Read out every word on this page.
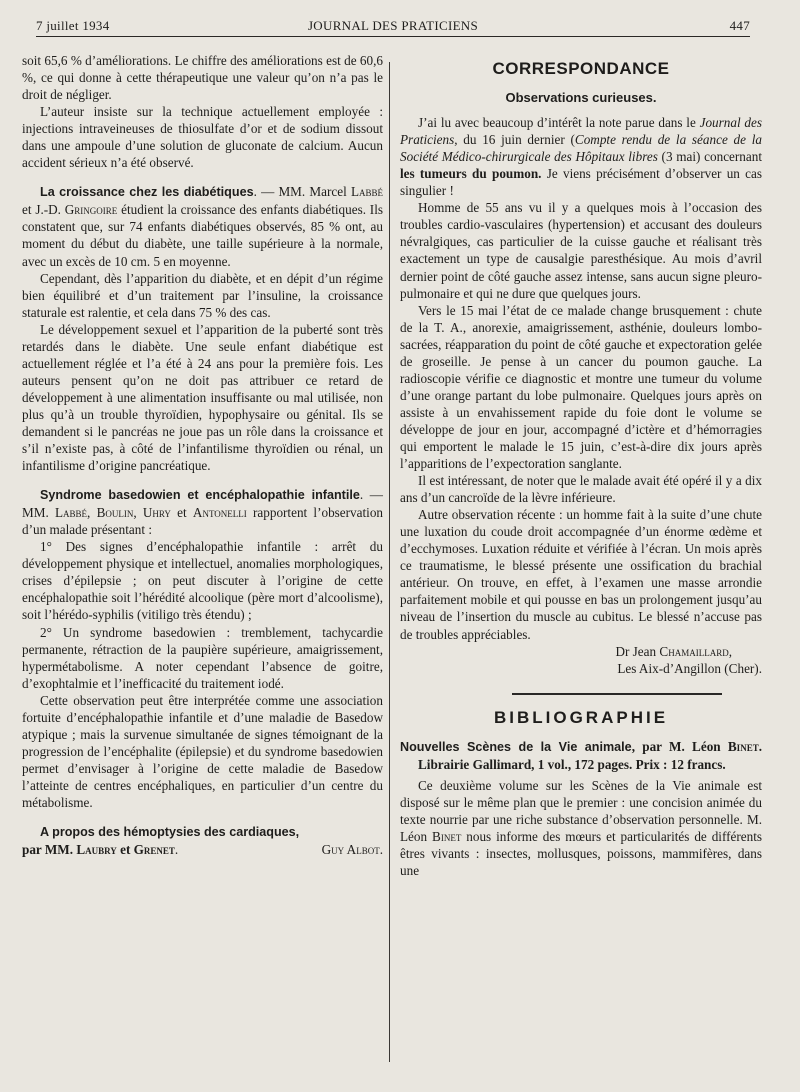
7 juillet 1934	JOURNAL DES PRATICIENS	447

soit 65,6 % d’améliorations. Le chiffre des améliorations est de 60,6 %, ce qui donne à cette thérapeutique une valeur qu’on n’a pas le droit de négliger.

L’auteur insiste sur la technique actuellement employée : injections intraveineuses de thiosulfate d’or et de sodium dissout dans une ampoule d’une solution de gluconate de calcium. Aucun accident sérieux n’a été observé.

La croissance chez les diabétiques. — MM. Marcel Labbé et J.-D. Gringoire étudient la croissance des enfants diabétiques. Ils constatent que, sur 74 enfants diabétiques observés, 85 % ont, au moment du début du diabète, une taille supérieure à la normale, avec un excès de 10 cm. 5 en moyenne.

Cependant, dès l’apparition du diabète, et en dépit d’un régime bien équilibré et d’un traitement par l’insuline, la croissance staturale est ralentie, et cela dans 75 % des cas.

Le développement sexuel et l’apparition de la puberté sont très retardés dans le diabète. Une seule enfant diabétique est actuellement réglée et l’a été à 24 ans pour la première fois. Les auteurs pensent qu’on ne doit pas attribuer ce retard de développement à une alimentation insuffisante ou mal utilisée, non plus qu’à un trouble thyroïdien, hypophysaire ou génital. Ils se demandent si le pancréas ne joue pas un rôle dans la croissance et s’il n’existe pas, à côté de l’infantilisme thyroïdien ou rénal, un infantilisme d’origine pancréatique.

Syndrome basedowien et encéphalopathie infantile. — MM. Labbé, Boulin, Uhry et Antonelli rapportent l’observation d’un malade présentant :

1° Des signes d’encéphalopathie infantile : arrêt du développement physique et intellectuel, anomalies morphologiques, crises d’épilepsie ; on peut discuter à l’origine de cette encéphalopathie soit l’hérédité alcoolique (père mort d’alcoolisme), soit l’hérédo-syphilis (vitiligo très étendu) ;

2° Un syndrome basedowien : tremblement, tachycardie permanente, rétraction de la paupière supérieure, amaigrissement, hypermétabolisme. A noter cependant l’absence de goitre, d’exophtalmie et l’inefficacité du traitement iodé.

Cette observation peut être interprétée comme une association fortuite d’encéphalopathie infantile et d’une maladie de Basedow atypique ; mais la survenue simultanée de signes témoignant de la progression de l’encéphalite (épilepsie) et du syndrome basedowien permet d’envisager à l’origine de cette maladie de Basedow l’atteinte de centres encéphaliques, en particulier d’un centre du métabolisme.

A propos des hémoptysies des cardiaques,

par MM. Laubry et Grenet.	Guy Albot.

CORRESPONDANCE
Observations curieuses.

J’ai lu avec beaucoup d’intérêt la note parue dans le Journal des Praticiens, du 16 juin dernier (Compte rendu de la séance de la Société Médico-chirurgicale des Hôpitaux libres (3 mai) concernant les tumeurs du poumon. Je viens précisément d’observer un cas singulier !

Homme de 55 ans vu il y a quelques mois à l’occasion des troubles cardio-vasculaires (hypertension) et accusant des douleurs névralgiques, cas particulier de la cuisse gauche et réalisant très exactement un type de causalgie paresthésique. Au mois d’avril dernier point de côté gauche assez intense, sans aucun signe pleuro-pulmonaire et qui ne dure que quelques jours.

Vers le 15 mai l’état de ce malade change brusquement : chute de la T. A., anorexie, amaigrissement, asthénie, douleurs lombo-sacrées, réapparation du point de côté gauche et expectoration gelée de groseille. Je pense à un cancer du poumon gauche. La radioscopie vérifie ce diagnostic et montre une tumeur du volume d’une orange partant du lobe pulmonaire. Quelques jours après on assiste à un envahissement rapide du foie dont le volume se développe de jour en jour, accompagné d’ictère et d’hémorragies qui emportent le malade le 15 juin, c’est-à-dire dix jours après l’apparitions de l’expectoration sanglante.

Il est intéressant, de noter que le malade avait été opéré il y a dix ans d’un cancroïde de la lèvre inférieure.

Autre observation récente : un homme fait à la suite d’une chute une luxation du coude droit accompagnée d’un énorme œdème et d’ecchymoses. Luxation réduite et vérifiée à l’écran. Un mois après ce traumatisme, le blessé présente une ossification du brachial antérieur. On trouve, en effet, à l’examen une masse arrondie parfaitement mobile et qui pousse en bas un prolongement jusqu’au niveau de l’insertion du muscle au cubitus. Le blessé n’accuse pas de troubles appréciables.

Dr Jean Chamaillard,

Les Aix-d’Angillon (Cher).

BIBLIOGRAPHIE

Nouvelles Scènes de la Vie animale, par M. Léon Binet. Librairie Gallimard, 1 vol., 172 pages. Prix : 12 francs.

Ce deuxième volume sur les Scènes de la Vie animale est disposé sur le même plan que le premier : une concision animée du texte nourrie par une riche substance d’observation personnelle. M. Léon Binet nous informe des mœurs et particularités de différents êtres vivants : insectes, mollusques, poissons, mammifères, dans une
